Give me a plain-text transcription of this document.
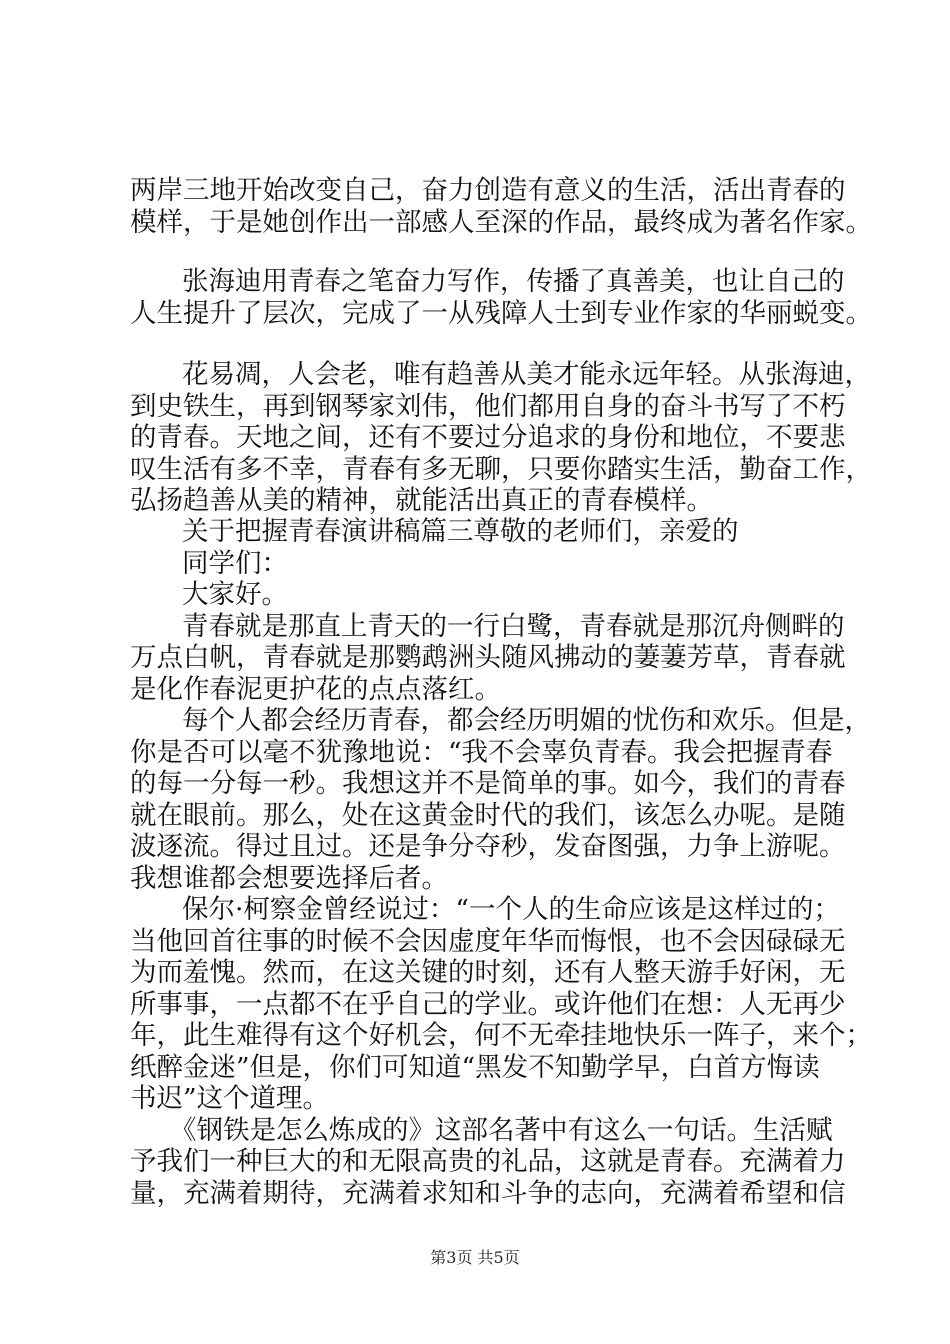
两岸三地开始改变自己，奋力创造有意义的生活，活出青春的
模样，于是她创作出一部感人至深的作品，最终成为著名作家。
张海迪用青春之笔奋力写作，传播了真善美，也让自己的
人生提升了层次，完成了一从残障人士到专业作家的华丽蜕变。
花易凋，人会老，唯有趋善从美才能永远年轻。从张海迪，
到史铁生，再到钢琴家刘伟，他们都用自身的奋斗书写了不朽
的青春。天地之间，还有不要过分追求的身份和地位，不要悲
叹生活有多不幸，青春有多无聊，只要你踏实生活，勤奋工作，
弘扬趋善从美的精神，就能活出真正的青春模样。
关于把握青春演讲稿篇三尊敬的老师们，亲爱的
同学们：
大家好。
青春就是那直上青天的一行白鹭，青春就是那沉舟侧畔的
万点白帆，青春就是那鹦鹉洲头随风拂动的萋萋芳草，青春就
是化作春泥更护花的点点落红。
每个人都会经历青春，都会经历明媚的忧伤和欢乐。但是，
你是否可以毫不犹豫地说：“我不会辜负青春。我会把握青春
的每一分每一秒。我想这并不是简单的事。如今，我们的青春
就在眼前。那么，处在这黄金时代的我们，该怎么办呢。是随
波逐流。得过且过。还是争分夺秒，发奋图强，力争上游呢。
我想谁都会想要选择后者。
保尔·柯察金曾经说过：“一个人的生命应该是这样过的；
当他回首往事的时候不会因虚度年华而悔恨，也不会因碌碌无
为而羞愧。然而，在这关键的时刻，还有人整天游手好闲，无
所事事，一点都不在乎自己的学业。或许他们在想：人无再少
年，此生难得有这个好机会，何不无牵挂地快乐一阵子，来个；
纸醉金迷”但是，你们可知道“黑发不知勤学早，白首方悔读
书迟”这个道理。
《钢铁是怎么炼成的》这部名著中有这么一句话。生活赋
予我们一种巨大的和无限高贵的礼品，这就是青春。充满着力
量，充满着期待，充满着求知和斗争的志向，充满着希望和信
第3页 共5页
